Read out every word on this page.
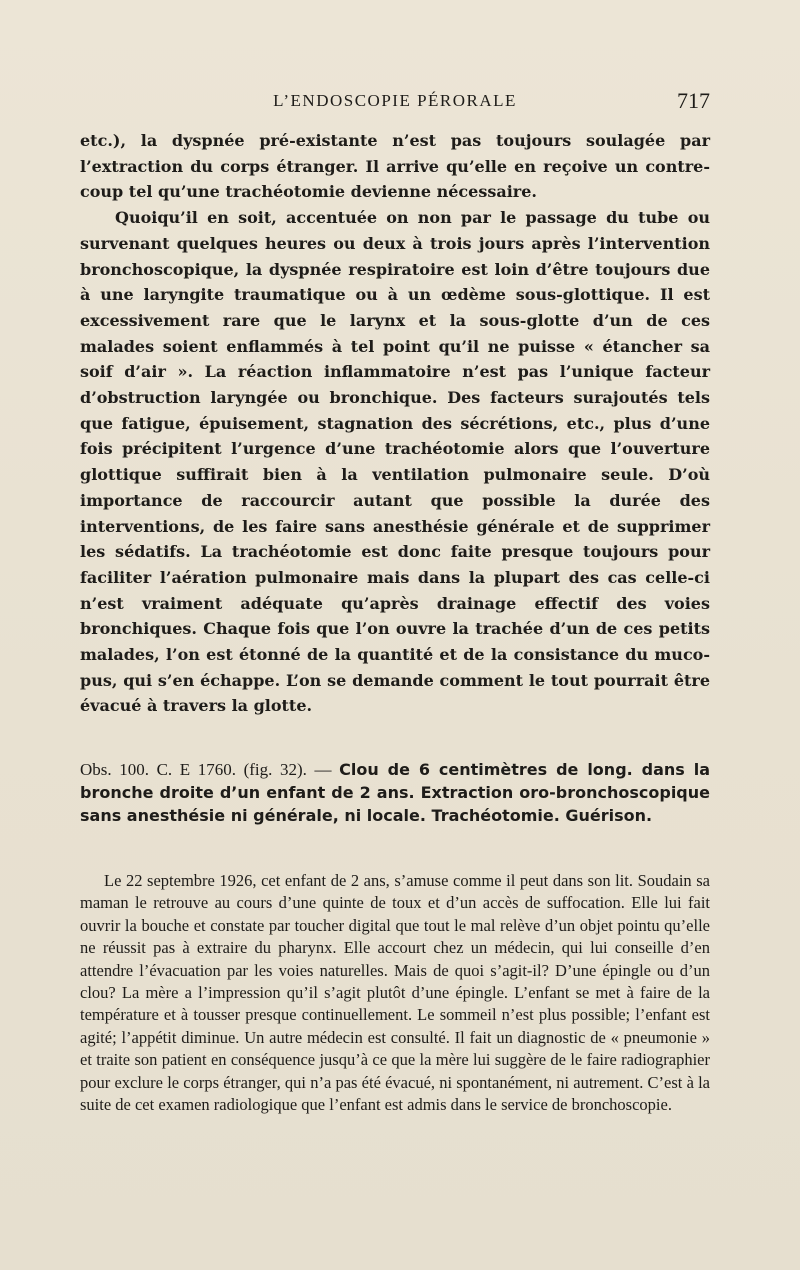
L’ENDOSCOPIE PÉRORALE	717

etc.), la dyspnée pré-existante n’est pas toujours soulagée par l’extraction du corps étranger. Il arrive qu’elle en reçoive un contre-coup tel qu’une trachéotomie devienne nécessaire.

Quoiqu’il en soit, accentuée on non par le passage du tube ou survenant quelques heures ou deux à trois jours après l’intervention bronchoscopique, la dyspnée respiratoire est loin d’être toujours due à une laryngite traumatique ou à un œdème sous-glottique. Il est excessivement rare que le larynx et la sous-glotte d’un de ces malades soient enflammés à tel point qu’il ne puisse « étancher sa soif d’air ». La réaction inflammatoire n’est pas l’unique facteur d’obstruction laryngée ou bronchique. Des facteurs surajoutés tels que fatigue, épuisement, stagnation des sécrétions, etc., plus d’une fois précipitent l’urgence d’une trachéotomie alors que l’ouverture glottique suffirait bien à la ventilation pulmonaire seule. D’où importance de raccourcir autant que possible la durée des interventions, de les faire sans anesthésie générale et de supprimer les sédatifs. La trachéotomie est donc faite presque toujours pour faciliter l’aération pulmonaire mais dans la plupart des cas celle-ci n’est vraiment adéquate qu’après drainage effectif des voies bronchiques. Chaque fois que l’on ouvre la trachée d’un de ces petits malades, l’on est étonné de la quantité et de la consistance du muco-pus, qui s’en échappe. L’on se demande comment le tout pourrait être évacué à travers la glotte.

Obs. 100. C. E 1760. (fig. 32). — Clou de 6 centimètres de long. dans la bronche droite d’un enfant de 2 ans. Extraction oro-bronchoscopique sans anesthésie ni générale, ni locale. Trachéotomie. Guérison.

Le 22 septembre 1926, cet enfant de 2 ans, s’amuse comme il peut dans son lit. Soudain sa maman le retrouve au cours d’une quinte de toux et d’un accès de suffocation. Elle lui fait ouvrir la bouche et constate par toucher digital que tout le mal relève d’un objet pointu qu’elle ne réussit pas à extraire du pharynx. Elle accourt chez un médecin, qui lui conseille d’en attendre l’évacuation par les voies naturelles. Mais de quoi s’agit-il? D’une épingle ou d’un clou? La mère a l’impression qu’il s’agit plutôt d’une épingle. L’enfant se met à faire de la température et à tousser presque continuellement. Le sommeil n’est plus possible; l’enfant est agité; l’appétit diminue. Un autre médecin est consulté. Il fait un diagnostic de « pneumonie » et traite son patient en conséquence jusqu’à ce que la mère lui suggère de le faire radiographier pour exclure le corps étranger, qui n’a pas été évacué, ni spontanément, ni autrement. C’est à la suite de cet examen radiologique que l’enfant est admis dans le service de bronchoscopie.
